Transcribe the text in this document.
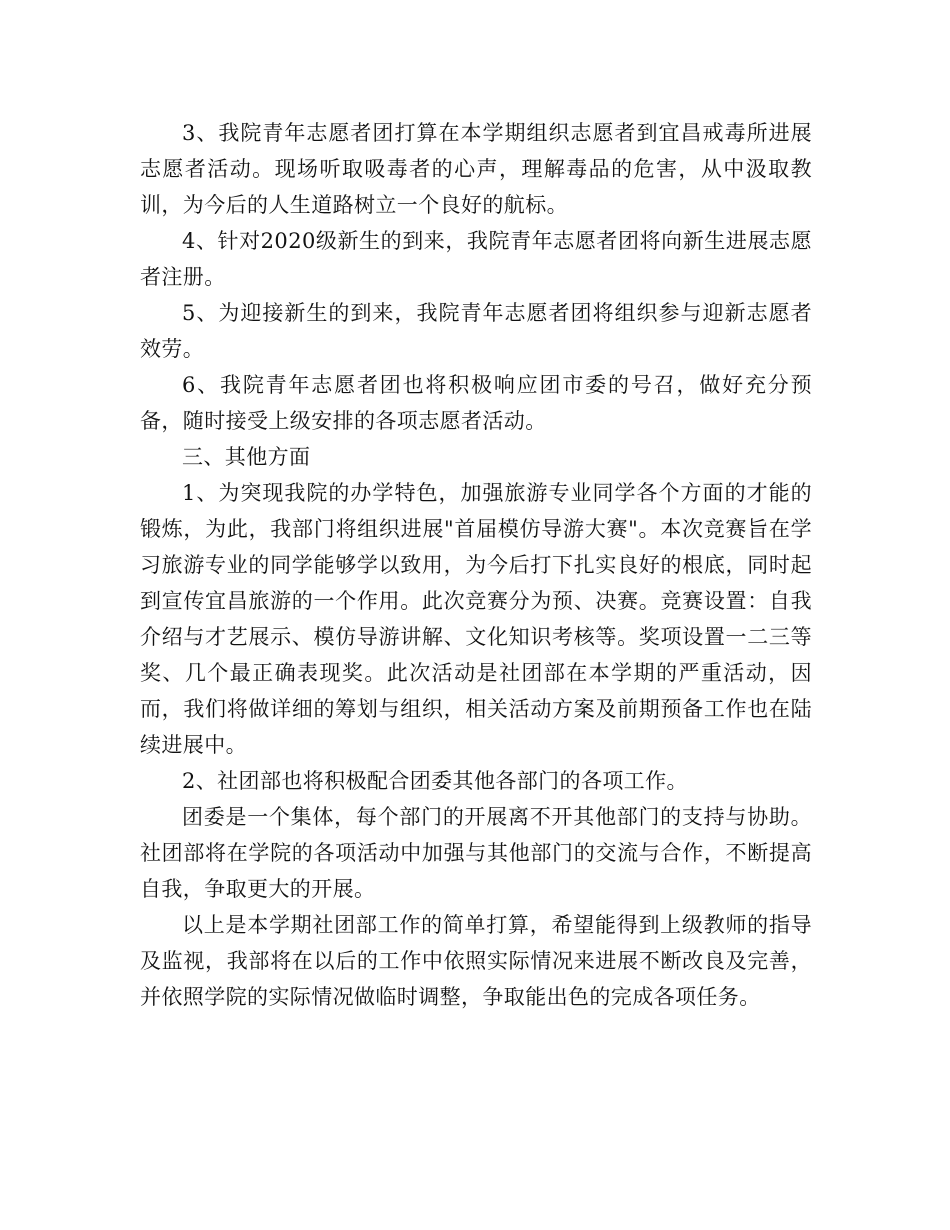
3、我院青年志愿者团打算在本学期组织志愿者到宜昌戒毒所进展志愿者活动。现场听取吸毒者的心声，理解毒品的危害，从中汲取教训，为今后的人生道路树立一个良好的航标。

4、针对2020级新生的到来，我院青年志愿者团将向新生进展志愿者注册。

5、为迎接新生的到来，我院青年志愿者团将组织参与迎新志愿者效劳。

6、我院青年志愿者团也将积极响应团市委的号召，做好充分预备，随时接受上级安排的各项志愿者活动。

三、其他方面

1、为突现我院的办学特色，加强旅游专业同学各个方面的才能的锻炼，为此，我部门将组织进展"首届模仿导游大赛"。本次竞赛旨在学习旅游专业的同学能够学以致用，为今后打下扎实良好的根底，同时起到宣传宜昌旅游的一个作用。此次竞赛分为预、决赛。竞赛设置：自我介绍与才艺展示、模仿导游讲解、文化知识考核等。奖项设置一二三等奖、几个最正确表现奖。此次活动是社团部在本学期的严重活动，因而，我们将做详细的筹划与组织，相关活动方案及前期预备工作也在陆续进展中。

2、社团部也将积极配合团委其他各部门的各项工作。

团委是一个集体，每个部门的开展离不开其他部门的支持与协助。社团部将在学院的各项活动中加强与其他部门的交流与合作，不断提高自我，争取更大的开展。

以上是本学期社团部工作的简单打算，希望能得到上级教师的指导及监视，我部将在以后的工作中依照实际情况来进展不断改良及完善，并依照学院的实际情况做临时调整，争取能出色的完成各项任务。
